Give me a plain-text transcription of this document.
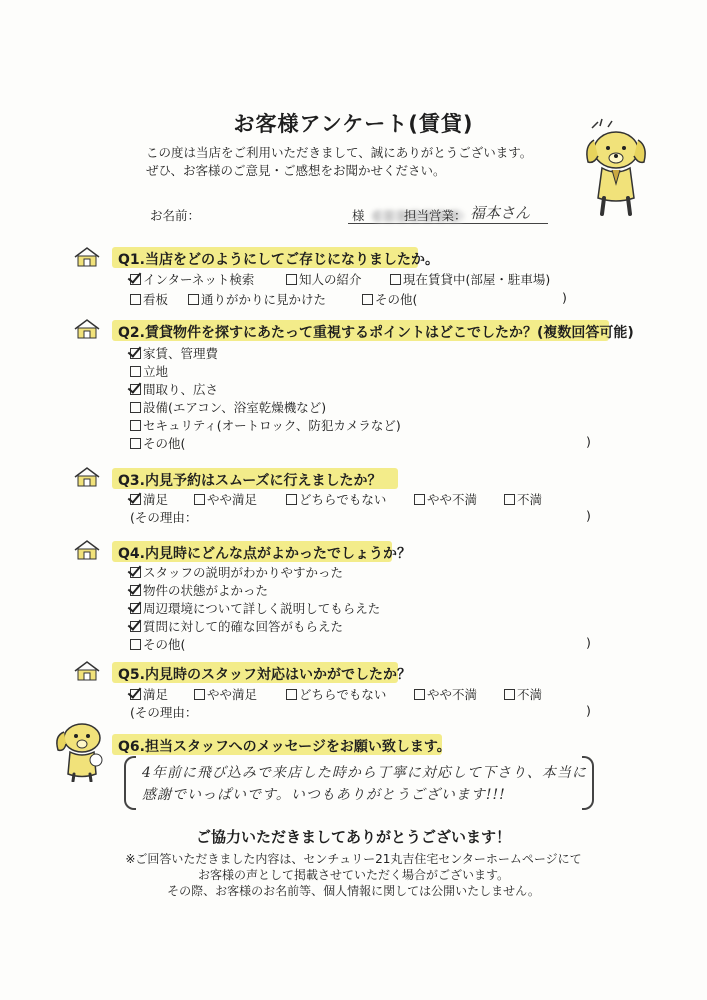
お客様アンケート(賃貸)
この度は当店をご利用いただきまして、誠にありがとうございます。
ぜひ、お客様のご意見・ご感想をお聞かせください。
お名前：	様	担当営業： 福本さん
Q1.当店をどのようにしてご存じになりましたか。
インターネット検索	知人の紹介	現在賃貸中(部屋・駐車場)
看板	通りがかりに見かけた	その他(	)
Q2.賃貸物件を探すにあたって重視するポイントはどこでしたか？(複数回答可能)
家賃、管理費
立地
間取り、広さ
設備(エアコン、浴室乾燥機など)
セキュリティ(オートロック、防犯カメラなど)
その他(	)
Q3.内見予約はスムーズに行えましたか？
満足	やや満足	どちらでもない	やや不満	不満
(その理由：	)
Q4.内見時にどんな点がよかったでしょうか？
スタッフの説明がわかりやすかった
物件の状態がよかった
周辺環境について詳しく説明してもらえた
質問に対して的確な回答がもらえた
その他(	)
Q5.内見時のスタッフ対応はいかがでしたか？
満足	やや満足	どちらでもない	やや不満	不満
(その理由：	)
Q6.担当スタッフへのメッセージをお願い致します。
4年前に飛び込みで来店した時から丁寧に対応して下さり、本当に
感謝でいっぱいです。いつもありがとうございます!!!
ご協力いただきましてありがとうございます！
※ご回答いただきました内容は、センチュリー21丸吉住宅センターホームページにて
お客様の声として掲載させていただく場合がございます。
その際、お客様のお名前等、個人情報に関しては公開いたしません。
